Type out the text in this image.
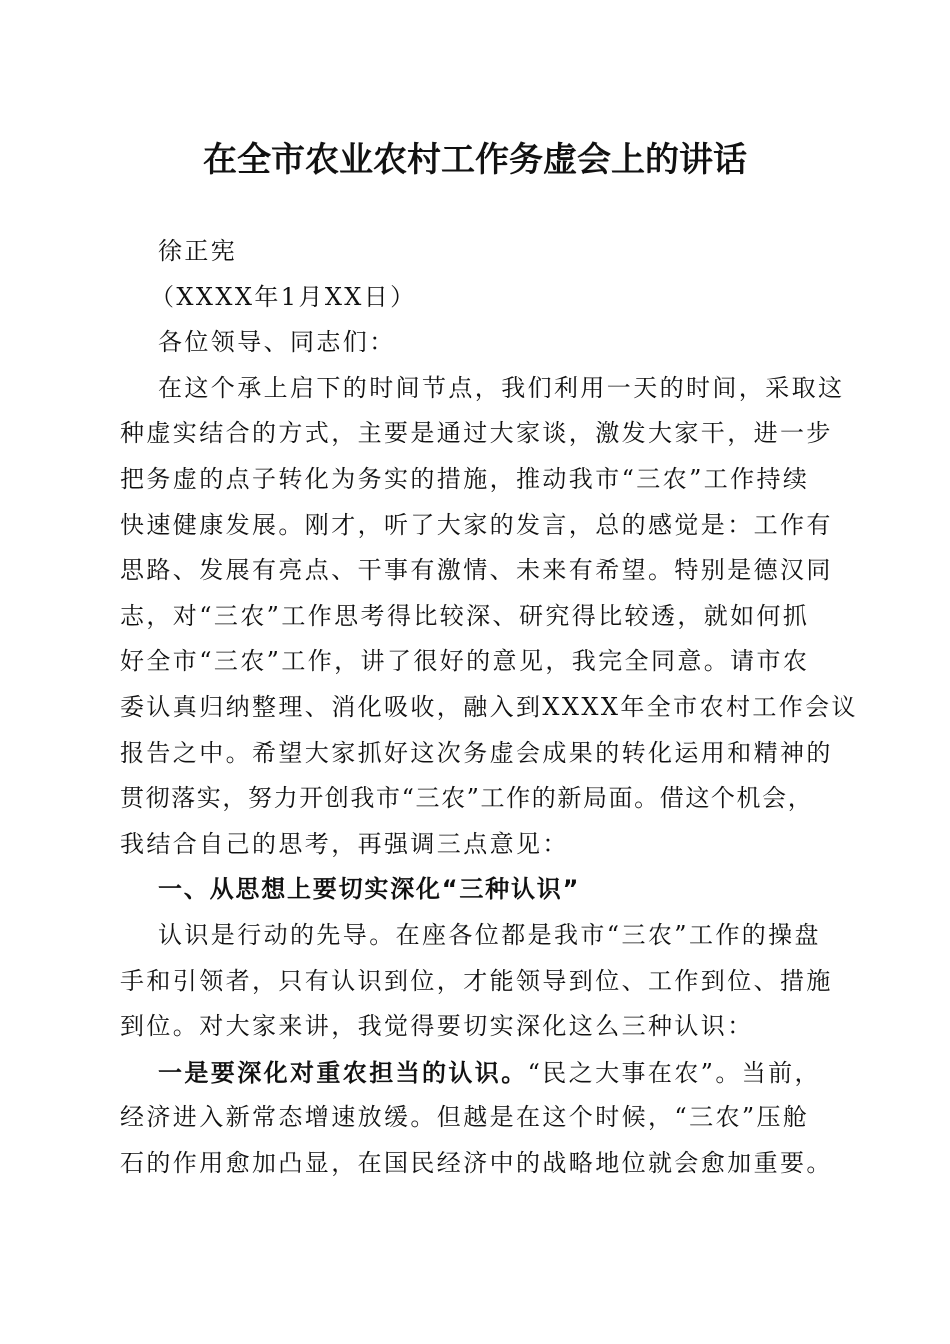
在全市农业农村工作务虚会上的讲话
徐正宪
（XXXX年1月XX日）
各位领导、同志们：
在这个承上启下的时间节点，我们利用一天的时间，采取这
种虚实结合的方式，主要是通过大家谈，激发大家干，进一步
把务虚的点子转化为务实的措施，推动我市“三农”工作持续
快速健康发展。刚才，听了大家的发言，总的感觉是：工作有
思路、发展有亮点、干事有激情、未来有希望。特别是德汉同
志，对“三农”工作思考得比较深、研究得比较透，就如何抓
好全市“三农”工作，讲了很好的意见，我完全同意。请市农
委认真归纳整理、消化吸收，融入到XXXX年全市农村工作会议
报告之中。希望大家抓好这次务虚会成果的转化运用和精神的
贯彻落实，努力开创我市“三农”工作的新局面。借这个机会，
我结合自己的思考，再强调三点意见：
一、从思想上要切实深化“三种认识”
认识是行动的先导。在座各位都是我市“三农”工作的操盘
手和引领者，只有认识到位，才能领导到位、工作到位、措施
到位。对大家来讲，我觉得要切实深化这么三种认识：
一是要深化对重农担当的认识。“民之大事在农”。当前，
经济进入新常态增速放缓。但越是在这个时候，“三农”压舱
石的作用愈加凸显，在国民经济中的战略地位就会愈加重要。
